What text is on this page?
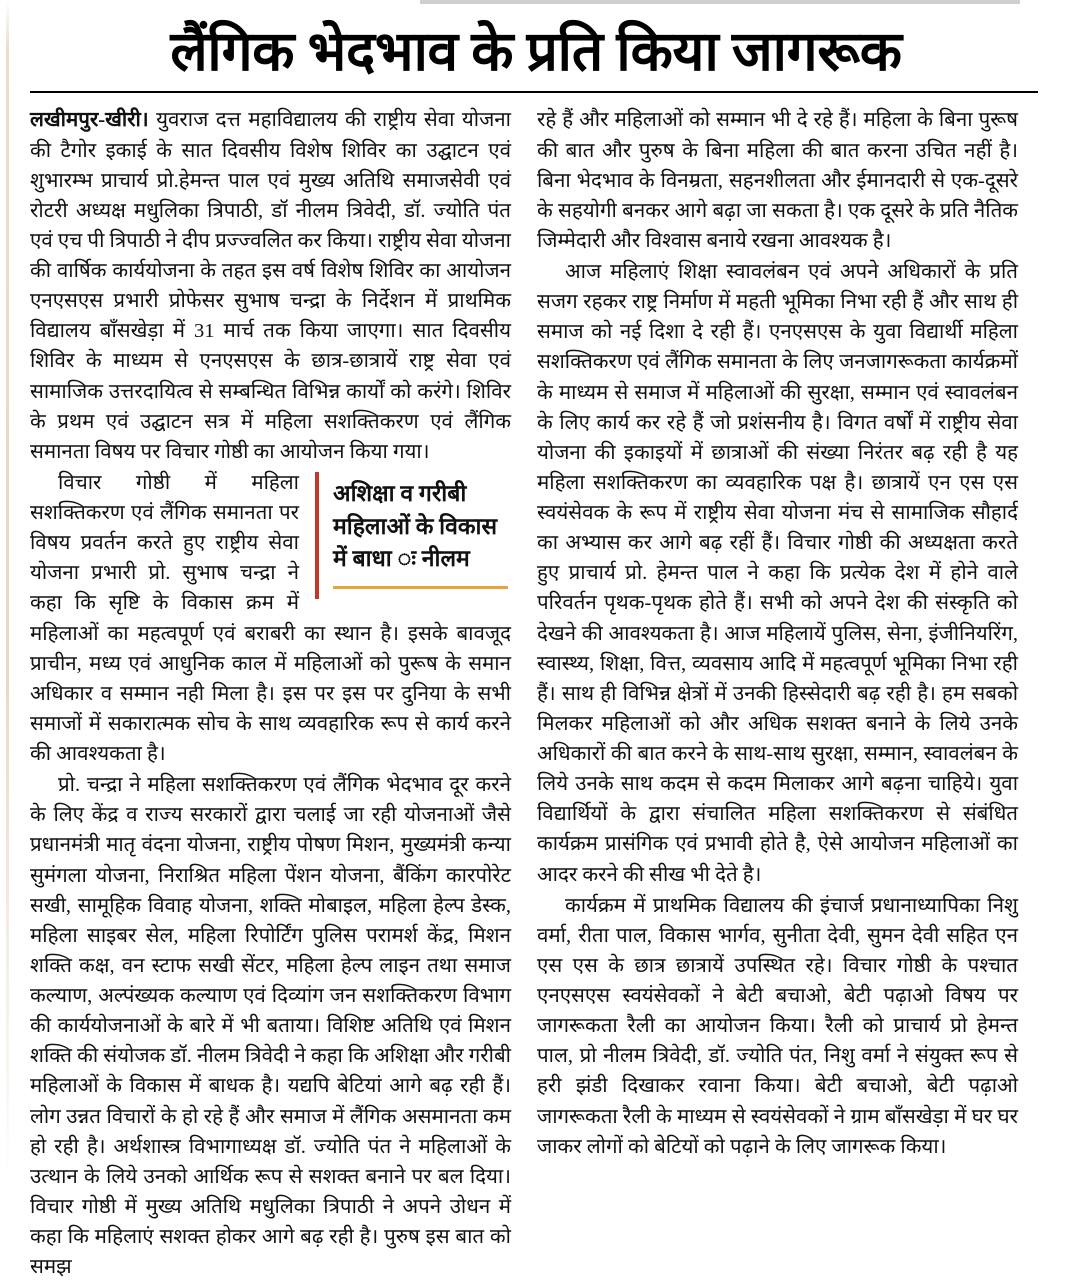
लैंगिक भेदभाव के प्रति किया जागरूक

लखीमपुर-खीरी। युवराज दत्त महाविद्यालय की राष्ट्रीय सेवा योजना की टैगोर इकाई के सात दिवसीय विशेष शिविर का उद्घाटन एवं शुभारम्भ प्राचार्य प्रो.हेमन्त पाल एवं मुख्य अतिथि समाजसेवी एवं रोटरी अध्यक्ष मधुलिका त्रिपाठी, डॉ नीलम त्रिवेदी, डॉ. ज्योति पंत एवं एच पी त्रिपाठी ने दीप प्रज्ज्वलित कर किया। राष्ट्रीय सेवा योजना की वार्षिक कार्ययोजना के तहत इस वर्ष विशेष शिविर का आयोजन एनएसएस प्रभारी प्रोफेसर सुभाष चन्द्रा के निर्देशन में प्राथमिक विद्यालय बाँसखेड़ा में 31 मार्च तक किया जाएगा। सात दिवसीय शिविर के माध्यम से एनएसएस के छात्र-छात्रायें राष्ट्र सेवा एवं सामाजिक उत्तरदायित्व से सम्बन्धित विभिन्न कार्यों को करंगे। शिविर के प्रथम एवं उद्घाटन सत्र में महिला सशक्तिकरण एवं लैंगिक समानता विषय पर विचार गोष्ठी का आयोजन किया गया।

अशिक्षा व गरीबी महिलाओं के विकास में बाधा ः नीलम

विचार गोष्ठी में महिला सशक्तिकरण एवं लैंगिक समानता पर विषय प्रवर्तन करते हुए राष्ट्रीय सेवा योजना प्रभारी प्रो. सुभाष चन्द्रा ने कहा कि सृष्टि के विकास क्रम में महिलाओं का महत्वपूर्ण एवं बराबरी का स्थान है। इसके बावजूद प्राचीन, मध्य एवं आधुनिक काल में महिलाओं को पुरूष के समान अधिकार व सम्मान नही मिला है। इस पर इस पर दुनिया के सभी समाजों में सकारात्मक सोच के साथ व्यवहारिक रूप से कार्य करने की आवश्यकता है।

प्रो. चन्द्रा ने महिला सशक्तिकरण एवं लैंगिक भेदभाव दूर करने के लिए केंद्र व राज्य सरकारों द्वारा चलाई जा रही योजनाओं जैसे प्रधानमंत्री मातृ वंदना योजना, राष्ट्रीय पोषण मिशन, मुख्यमंत्री कन्या सुमंगला योजना, निराश्रित महिला पेंशन योजना, बैंकिंग कारपोरेट सखी, सामूहिक विवाह योजना, शक्ति मोबाइल, महिला हेल्प डेस्क, महिला साइबर सेल, महिला रिपोर्टिंग पुलिस परामर्श केंद्र, मिशन शक्ति कक्ष, वन स्टाफ सखी सेंटर, महिला हेल्प लाइन तथा समाज कल्याण, अल्पंख्यक कल्याण एवं दिव्यांग जन सशक्तिकरण विभाग की कार्ययोजनाओं के बारे में भी बताया। विशिष्ट अतिथि एवं मिशन शक्ति की संयोजक डॉ. नीलम त्रिवेदी ने कहा कि अशिक्षा और गरीबी महिलाओं के विकास में बाधक है। यद्यपि बेटियां आगे बढ़ रही हैं। लोग उन्नत विचारों के हो रहे हैं और समाज में लैंगिक असमानता कम हो रही है। अर्थशास्त्र विभागाध्यक्ष डॉ. ज्योति पंत ने महिलाओं के उत्थान के लिये उनको आर्थिक रूप से सशक्त बनाने पर बल दिया। विचार गोष्ठी में मुख्य अतिथि मधुलिका त्रिपाठी ने अपने उोधन में कहा कि महिलाएं सशक्त होकर आगे बढ़ रही है। पुरुष इस बात को समझ

रहे हैं और महिलाओं को सम्मान भी दे रहे हैं। महिला के बिना पुरूष की बात और पुरुष के बिना महिला की बात करना उचित नहीं है। बिना भेदभाव के विनम्रता, सहनशीलता और ईमानदारी से एक-दूसरे के सहयोगी बनकर आगे बढ़ा जा सकता है। एक दूसरे के प्रति नैतिक जिम्मेदारी और विश्वास बनाये रखना आवश्यक है।

आज महिलाएं शिक्षा स्वावलंबन एवं अपने अधिकारों के प्रति सजग रहकर राष्ट्र निर्माण में महती भूमिका निभा रही हैं और साथ ही समाज को नई दिशा दे रही हैं। एनएसएस के युवा विद्यार्थी महिला सशक्तिकरण एवं लैंगिक समानता के लिए जनजागरूकता कार्यक्रमों के माध्यम से समाज में महिलाओं की सुरक्षा, सम्मान एवं स्वावलंबन के लिए कार्य कर रहे हैं जो प्रशंसनीय है। विगत वर्षों में राष्ट्रीय सेवा योजना की इकाइयों में छात्राओं की संख्या निरंतर बढ़ रही है यह महिला सशक्तिकरण का व्यवहारिक पक्ष है। छात्रायें एन एस एस स्वयंसेवक के रूप में राष्ट्रीय सेवा योजना मंच से सामाजिक सौहार्द का अभ्यास कर आगे बढ़ रहीं हैं। विचार गोष्ठी की अध्यक्षता करते हुए प्राचार्य प्रो. हेमन्त पाल ने कहा कि प्रत्येक देश में होने वाले परिवर्तन पृथक-पृथक होते हैं। सभी को अपने देश की संस्कृति को देखने की आवश्यकता है। आज महिलायें पुलिस, सेना, इंजीनियरिंग, स्वास्थ्य, शिक्षा, वित्त, व्यवसाय आदि में महत्वपूर्ण भूमिका निभा रही हैं। साथ ही विभिन्न क्षेत्रों में उनकी हिस्सेदारी बढ़ रही है। हम सबको मिलकर महिलाओं को और अधिक सशक्त बनाने के लिये उनके अधिकारों की बात करने के साथ-साथ सुरक्षा, सम्मान, स्वावलंबन के लिये उनके साथ कदम से कदम मिलाकर आगे बढ़ना चाहिये। युवा विद्यार्थियों के द्वारा संचालित महिला सशक्तिकरण से संबंधित कार्यक्रम प्रासंगिक एवं प्रभावी होते है, ऐसे आयोजन महिलाओं का आदर करने की सीख भी देते है।

कार्यक्रम में प्राथमिक विद्यालय की इंचार्ज प्रधानाध्यापिका निशु वर्मा, रीता पाल, विकास भार्गव, सुनीता देवी, सुमन देवी सहित एन एस एस के छात्र छात्रायें उपस्थित रहे। विचार गोष्ठी के पश्चात एनएसएस स्वयंसेवकों ने बेटी बचाओ, बेटी पढ़ाओ विषय पर जागरूकता रैली का आयोजन किया। रैली को प्राचार्य प्रो हेमन्त पाल, प्रो नीलम त्रिवेदी, डॉ. ज्योति पंत, निशु वर्मा ने संयुक्त रूप से हरी झंडी दिखाकर रवाना किया। बेटी बचाओ, बेटी पढ़ाओ जागरूकता रैली के माध्यम से स्वयंसेवकों ने ग्राम बाँसखेड़ा में घर घर जाकर लोगों को बेटियों को पढ़ाने के लिए जागरूक किया।
